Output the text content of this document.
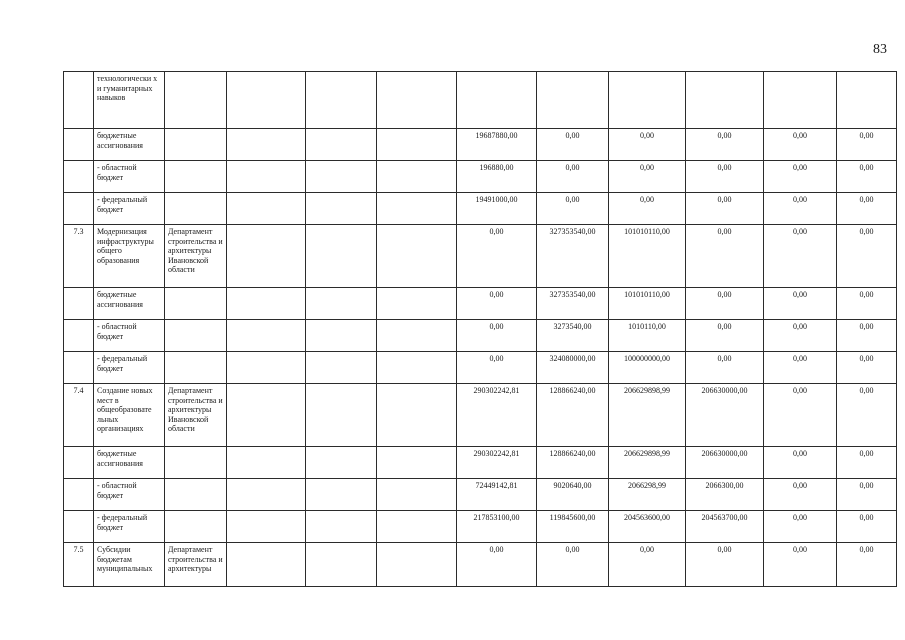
83
	технологически х и гуманитарных навыков										
	бюджетные ассигнования					19687880,00	0,00	0,00	0,00	0,00	0,00
	- областной бюджет					196880,00	0,00	0,00	0,00	0,00	0,00
	- федеральный бюджет					19491000,00	0,00	0,00	0,00	0,00	0,00
7.3	Модернизация инфраструктуры общего образования	Департамент строительства и архитектуры Ивановской области				0,00	327353540,00	101010110,00	0,00	0,00	0,00
	бюджетные ассигнования					0,00	327353540,00	101010110,00	0,00	0,00	0,00
	- областной бюджет					0,00	3273540,00	1010110,00	0,00	0,00	0,00
	- федеральный бюджет					0,00	324080000,00	100000000,00	0,00	0,00	0,00
7.4	Создание новых мест в общеобразовате льных организациях	Департамент строительства и архитектуры Ивановской области				290302242,81	128866240,00	206629898,99	206630000,00	0,00	0,00
	бюджетные ассигнования					290302242,81	128866240,00	206629898,99	206630000,00	0,00	0,00
	- областной бюджет					72449142,81	9020640,00	2066298,99	2066300,00	0,00	0,00
	- федеральный бюджет					217853100,00	119845600,00	204563600,00	204563700,00	0,00	0,00
7.5	Субсидии бюджетам муниципальных	Департамент строительства и архитектуры				0,00	0,00	0,00	0,00	0,00	0,00
